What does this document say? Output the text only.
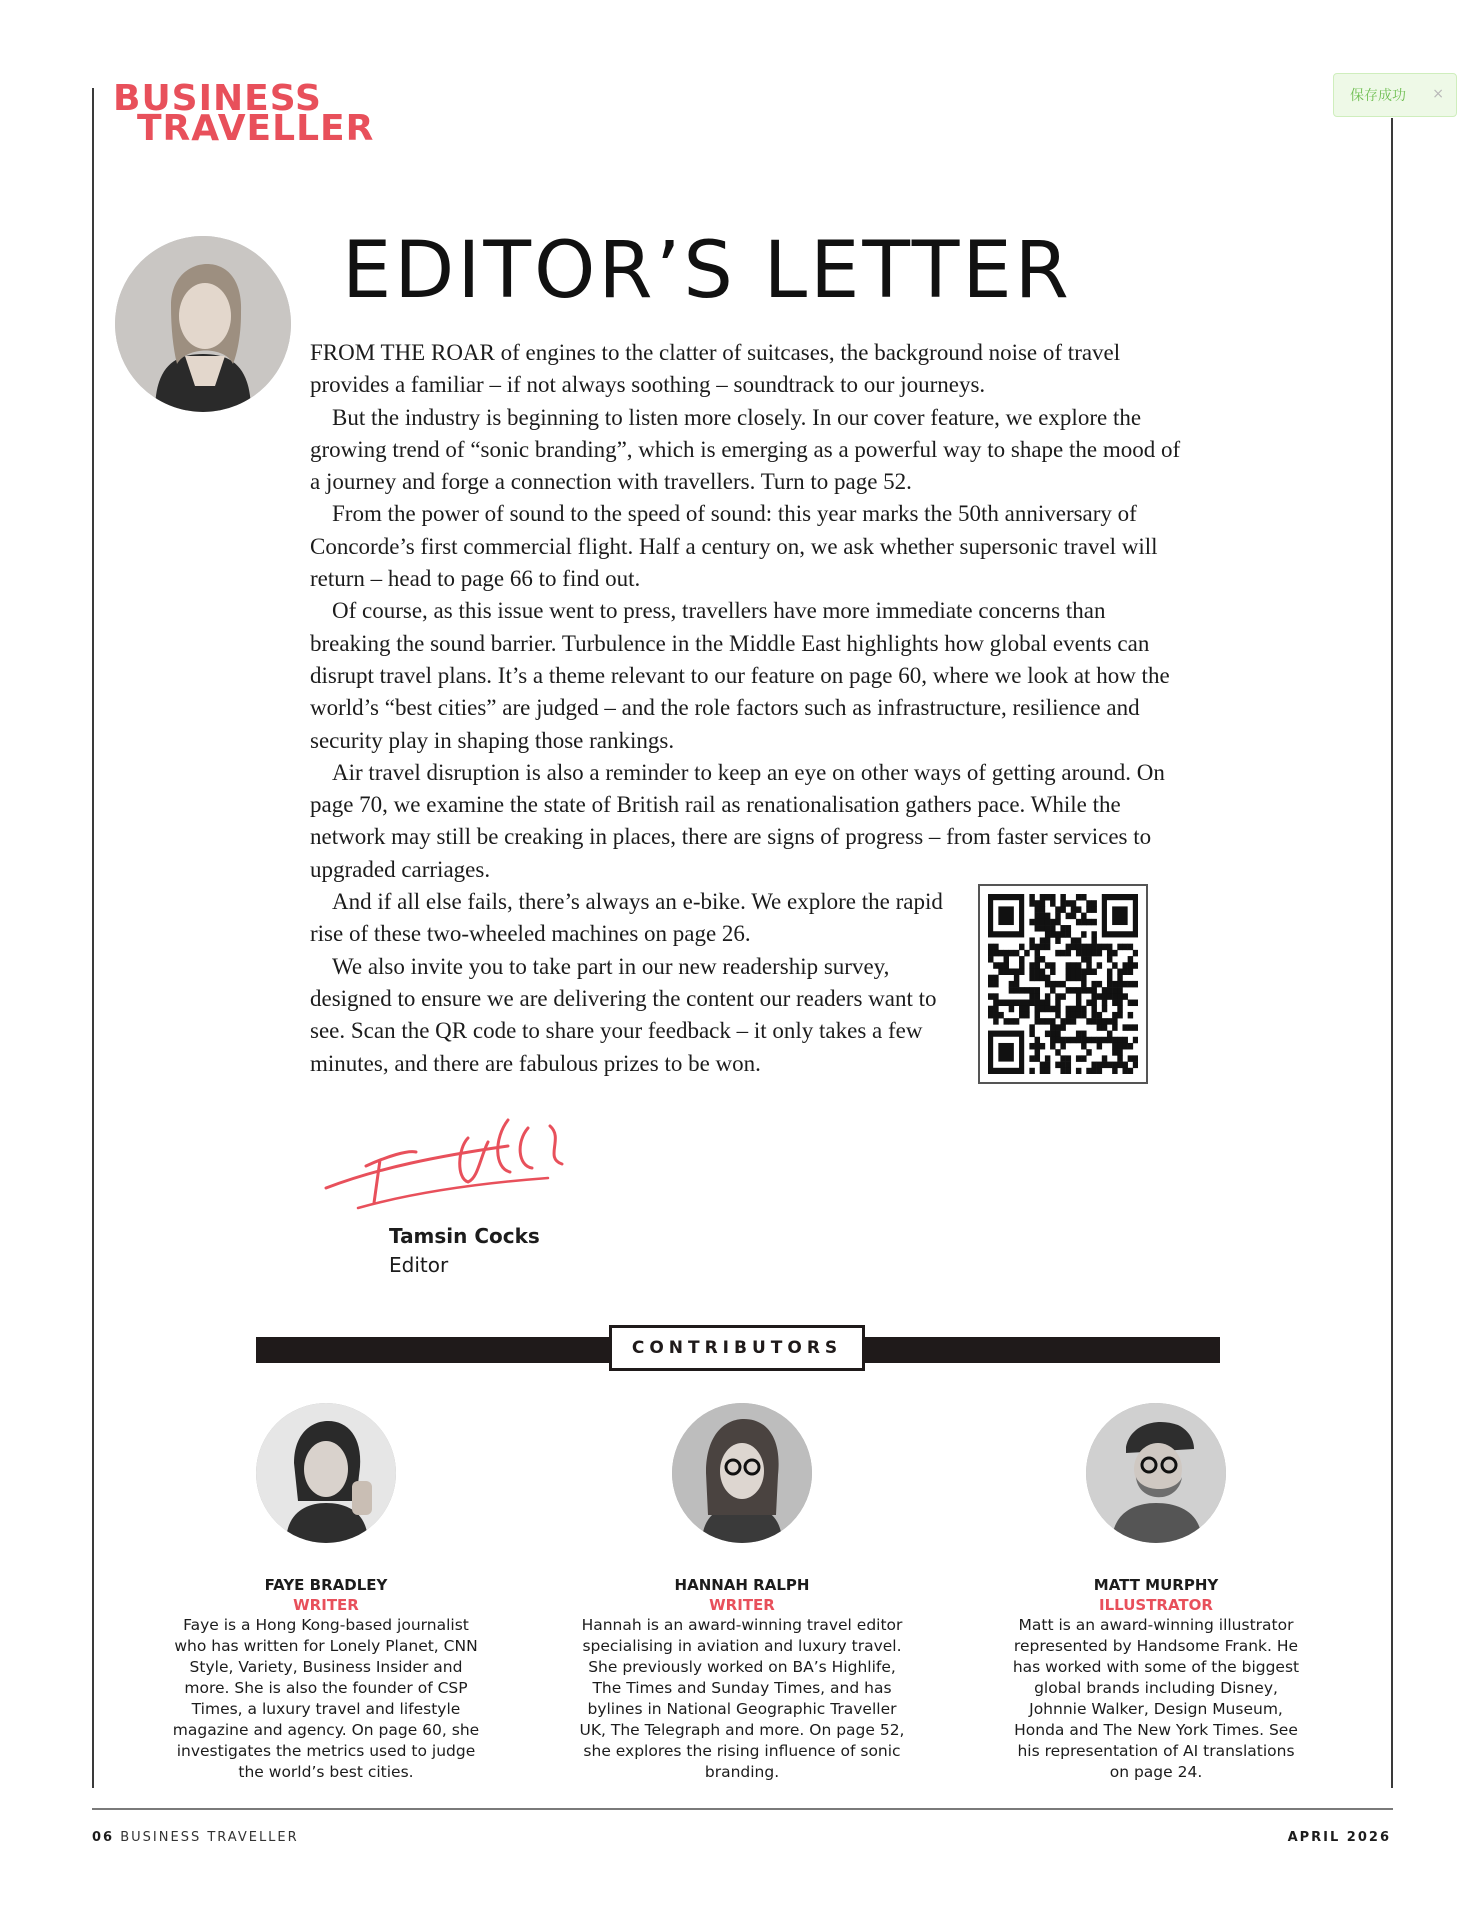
BUSINESS
TRAVELLER
保存成功 ×
EDITOR’S LETTER

FROM THE ROAR of engines to the clatter of suitcases, the background noise of travel provides a familiar – if not always soothing – soundtrack to our journeys.

But the industry is beginning to listen more closely. In our cover feature, we explore the growing trend of “sonic branding”, which is emerging as a powerful way to shape the mood of a journey and forge a connection with travellers. Turn to page 52.

From the power of sound to the speed of sound: this year marks the 50th anniversary of Concorde’s first commercial flight. Half a century on, we ask whether supersonic travel will return – head to page 66 to find out.

Of course, as this issue went to press, travellers have more immediate concerns than breaking the sound barrier. Turbulence in the Middle East highlights how global events can disrupt travel plans. It’s a theme relevant to our feature on page 60, where we look at how the world’s “best cities” are judged – and the role factors such as infrastructure, resilience and security play in shaping those rankings.

Air travel disruption is also a reminder to keep an eye on other ways of getting around. On page 70, we examine the state of British rail as renationalisation gathers pace. While the network may still be creaking in places, there are signs of progress – from faster services to upgraded carriages.

And if all else fails, there’s always an e-bike. We explore the rapid rise of these two-wheeled machines on page 26.

We also invite you to take part in our new readership survey, designed to ensure we are delivering the content our readers want to see. Scan the QR code to share your feedback – it only takes a few minutes, and there are fabulous prizes to be won.

Tamsin Cocks
Editor
CONTRIBUTORS
FAYE BRADLEY
WRITER
Faye is a Hong Kong-based journalist who has written for Lonely Planet, CNN Style, Variety, Business Insider and more. She is also the founder of CSP Times, a luxury travel and lifestyle magazine and agency. On page 60, she investigates the metrics used to judge the world’s best cities.
HANNAH RALPH
WRITER
Hannah is an award-winning travel editor specialising in aviation and luxury travel. She previously worked on BA’s Highlife, The Times and Sunday Times, and has bylines in National Geographic Traveller UK, The Telegraph and more. On page 52, she explores the rising influence of sonic branding.
MATT MURPHY
ILLUSTRATOR
Matt is an award-winning illustrator represented by Handsome Frank. He has worked with some of the biggest global brands including Disney, Johnnie Walker, Design Museum, Honda and The New York Times. See his representation of AI translations on page 24.
06 BUSINESS TRAVELLER	APRIL 2026
